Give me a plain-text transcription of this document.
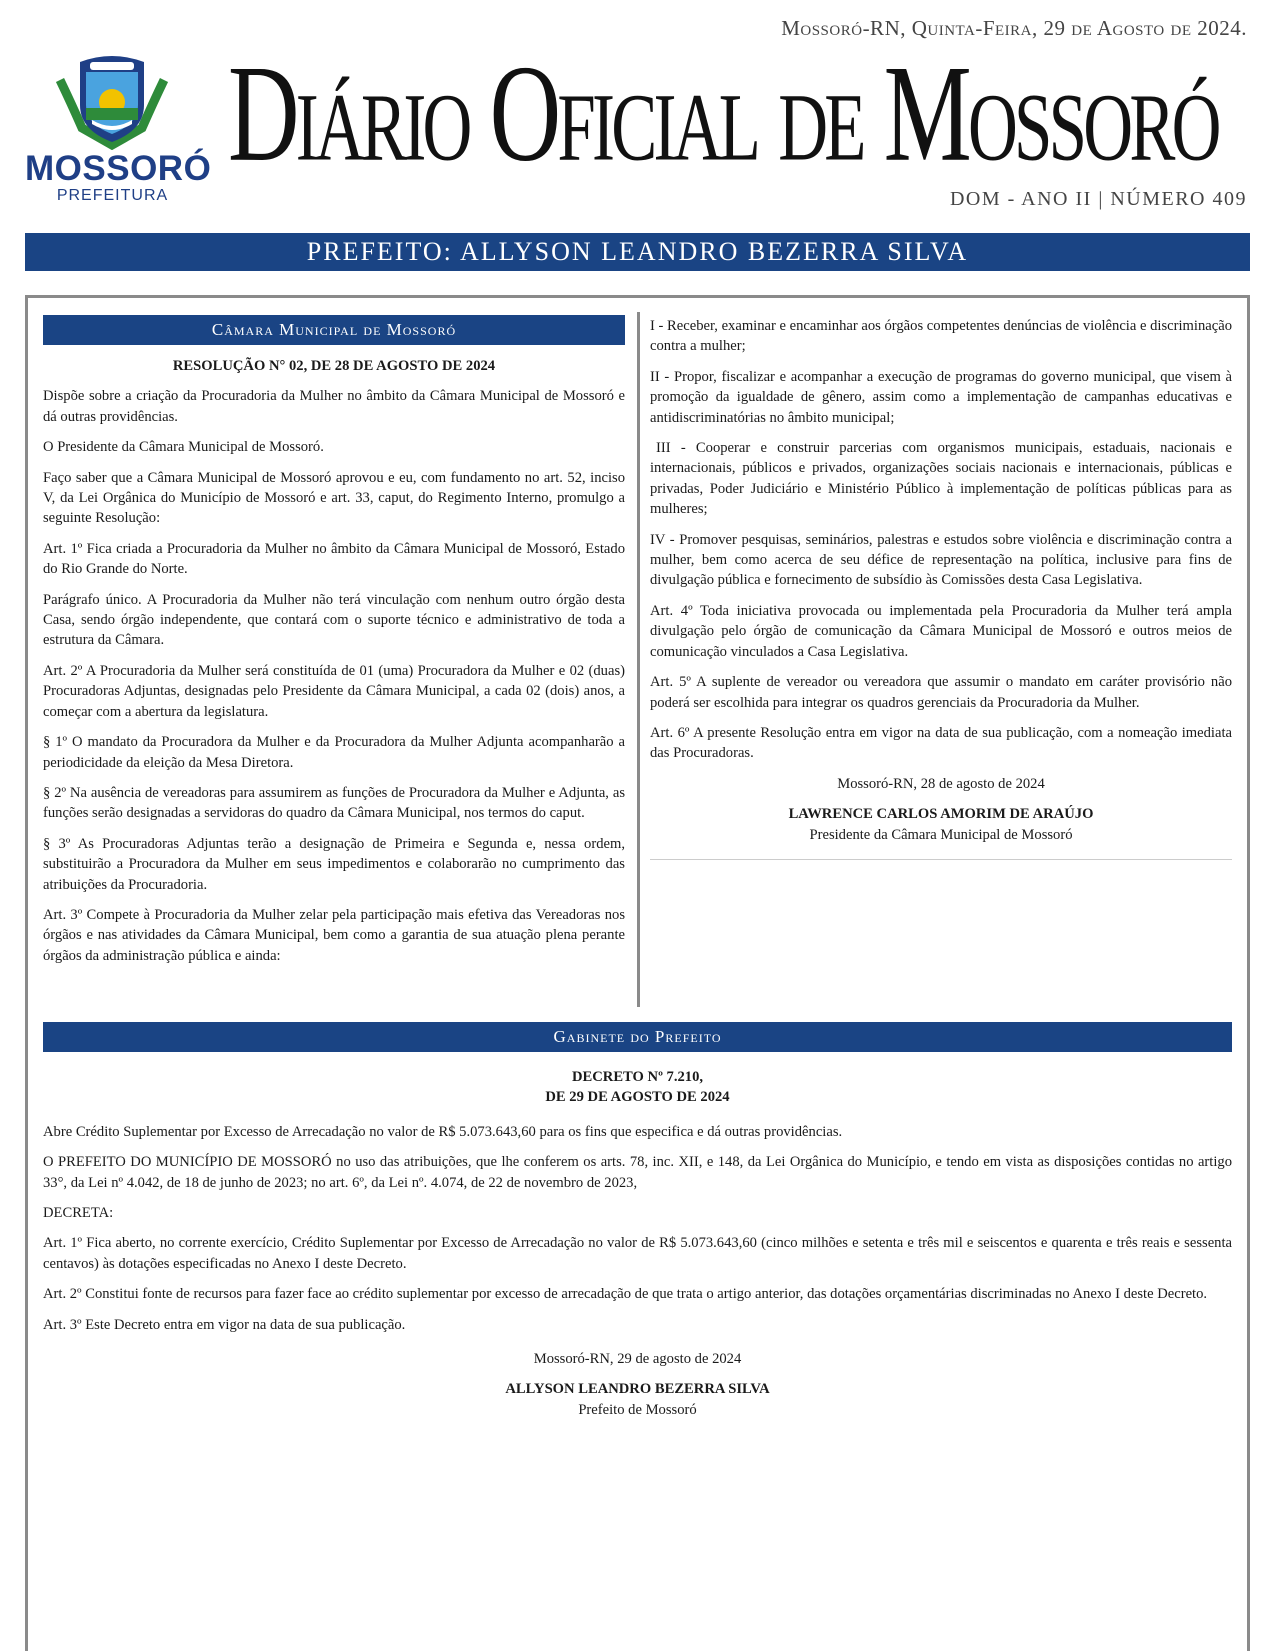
MOSSORÓ
PREFEITURA
Mossoró-RN, Quinta-Feira, 29 de Agosto de 2024.
Diário Oficial de Mossoró
DOM - ANO II | NÚMERO 409
PREFEITO: ALLYSON LEANDRO BEZERRA SILVA
Câmara Municipal de Mossoró

RESOLUÇÃO N° 02, DE 28 DE AGOSTO DE 2024

Dispõe sobre a criação da Procuradoria da Mulher no âmbito da Câmara Municipal de Mossoró e dá outras providências.

O Presidente da Câmara Municipal de Mossoró.

Faço saber que a Câmara Municipal de Mossoró aprovou e eu, com fundamento no art. 52, inciso V, da Lei Orgânica do Município de Mossoró e art. 33, caput, do Regimento Interno, promulgo a seguinte Resolução:

Art. 1º Fica criada a Procuradoria da Mulher no âmbito da Câmara Municipal de Mossoró, Estado do Rio Grande do Norte.

Parágrafo único. A Procuradoria da Mulher não terá vinculação com nenhum outro órgão desta Casa, sendo órgão independente, que contará com o suporte técnico e administrativo de toda a estrutura da Câmara.

Art. 2º A Procuradoria da Mulher será constituída de 01 (uma) Procuradora da Mulher e 02 (duas) Procuradoras Adjuntas, designadas pelo Presidente da Câmara Municipal, a cada 02 (dois) anos, a começar com a abertura da legislatura.

§ 1º O mandato da Procuradora da Mulher e da Procuradora da Mulher Adjunta acompanharão a periodicidade da eleição da Mesa Diretora.

§ 2º Na ausência de vereadoras para assumirem as funções de Procuradora da Mulher e Adjunta, as funções serão designadas a servidoras do quadro da Câmara Municipal, nos termos do caput.

§ 3º As Procuradoras Adjuntas terão a designação de Primeira e Segunda e, nessa ordem, substituirão a Procuradora da Mulher em seus impedimentos e colaborarão no cumprimento das atribuições da Procuradoria.

Art. 3º Compete à Procuradoria da Mulher zelar pela participação mais efetiva das Vereadoras nos órgãos e nas atividades da Câmara Municipal, bem como a garantia de sua atuação plena perante órgãos da administração pública e ainda:

I - Receber, examinar e encaminhar aos órgãos competentes denúncias de violência e discriminação contra a mulher;

II - Propor, fiscalizar e acompanhar a execução de programas do governo municipal, que visem à promoção da igualdade de gênero, assim como a implementação de campanhas educativas e antidiscriminatórias no âmbito municipal;

III - Cooperar e construir parcerias com organismos municipais, estaduais, nacionais e internacionais, públicos e privados, organizações sociais nacionais e internacionais, públicas e privadas, Poder Judiciário e Ministério Público à implementação de políticas públicas para as mulheres;

IV - Promover pesquisas, seminários, palestras e estudos sobre violência e discriminação contra a mulher, bem como acerca de seu défice de representação na política, inclusive para fins de divulgação pública e fornecimento de subsídio às Comissões desta Casa Legislativa.

Art. 4º Toda iniciativa provocada ou implementada pela Procuradoria da Mulher terá ampla divulgação pelo órgão de comunicação da Câmara Municipal de Mossoró e outros meios de comunicação vinculados a Casa Legislativa.

Art. 5º A suplente de vereador ou vereadora que assumir o mandato em caráter provisório não poderá ser escolhida para integrar os quadros gerenciais da Procuradoria da Mulher.

Art. 6º A presente Resolução entra em vigor na data de sua publicação, com a nomeação imediata das Procuradoras.

Mossoró-RN, 28 de agosto de 2024

LAWRENCE CARLOS AMORIM DE ARAÚJO

Presidente da Câmara Municipal de Mossoró

Gabinete do Prefeito

DECRETO Nº 7.210,

DE 29 DE AGOSTO DE 2024

Abre Crédito Suplementar por Excesso de Arrecadação no valor de R$ 5.073.643,60 para os fins que especifica e dá outras providências.

O PREFEITO DO MUNICÍPIO DE MOSSORÓ no uso das atribuições, que lhe conferem os arts. 78, inc. XII, e 148, da Lei Orgânica do Município, e tendo em vista as disposições contidas no artigo 33°, da Lei nº 4.042, de 18 de junho de 2023; no art. 6º, da Lei nº. 4.074, de 22 de novembro de 2023,

DECRETA:

Art. 1º Fica aberto, no corrente exercício, Crédito Suplementar por Excesso de Arrecadação no valor de R$ 5.073.643,60 (cinco milhões e setenta e três mil e seiscentos e quarenta e três reais e sessenta centavos) às dotações especificadas no Anexo I deste Decreto.

Art. 2º Constitui fonte de recursos para fazer face ao crédito suplementar por excesso de arrecadação de que trata o artigo anterior, das dotações orçamentárias discriminadas no Anexo I deste Decreto.

Art. 3º Este Decreto entra em vigor na data de sua publicação.

Mossoró-RN, 29 de agosto de 2024

ALLYSON LEANDRO BEZERRA SILVA

Prefeito de Mossoró
